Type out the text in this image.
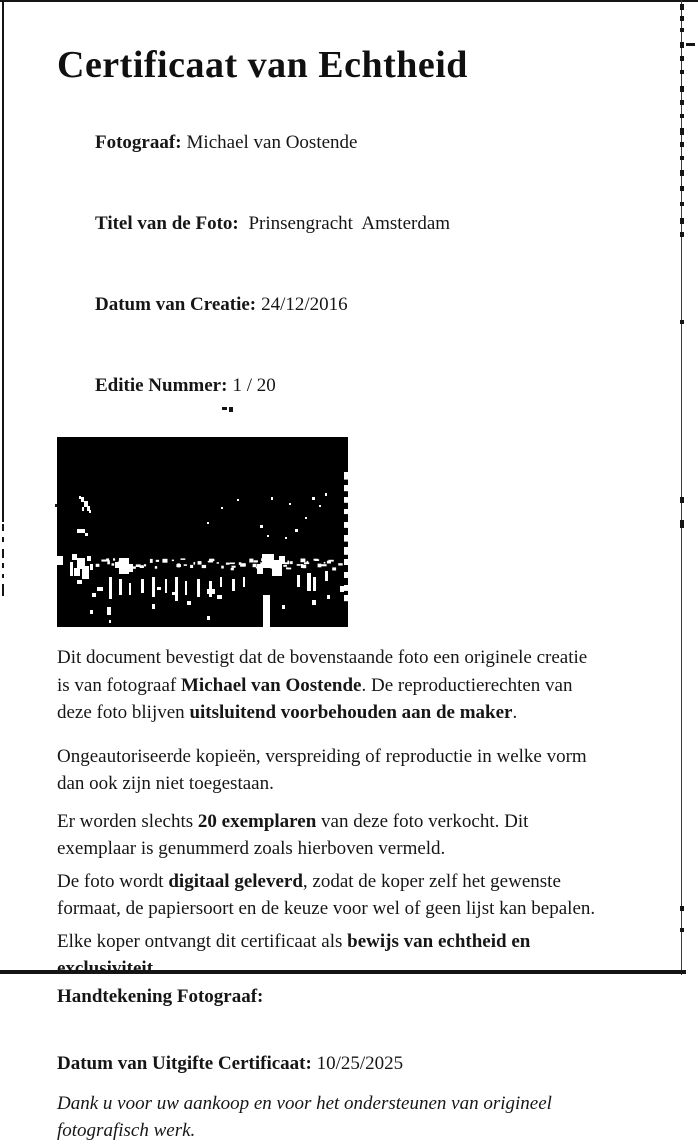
Certificaat van Echtheid

Fotograaf: Michael van Oostende

Titel van de Foto: Prinsengracht  Amsterdam

Datum van Creatie: 24/12/2016

Editie Nummer: 1 / 20

Dit document bevestigt dat de bovenstaande foto een originele creatie
is van fotograaf Michael van Oostende. De reproductierechten van
deze foto blijven uitsluitend voorbehouden aan de maker.

Ongeautoriseerde kopieën, verspreiding of reproductie in welke vorm
dan ook zijn niet toegestaan.

Er worden slechts 20 exemplaren van deze foto verkocht. Dit
exemplaar is genummerd zoals hierboven vermeld.

De foto wordt digitaal geleverd, zodat de koper zelf het gewenste
formaat, de papiersoort en de keuze voor wel of geen lijst kan bepalen.

Elke koper ontvangt dit certificaat als bewijs van echtheid en
exclusiviteit.

Handtekening Fotograaf:

Datum van Uitgifte Certificaat: 10/25/2025

Dank u voor uw aankoop en voor het ondersteunen van origineel
fotografisch werk.
